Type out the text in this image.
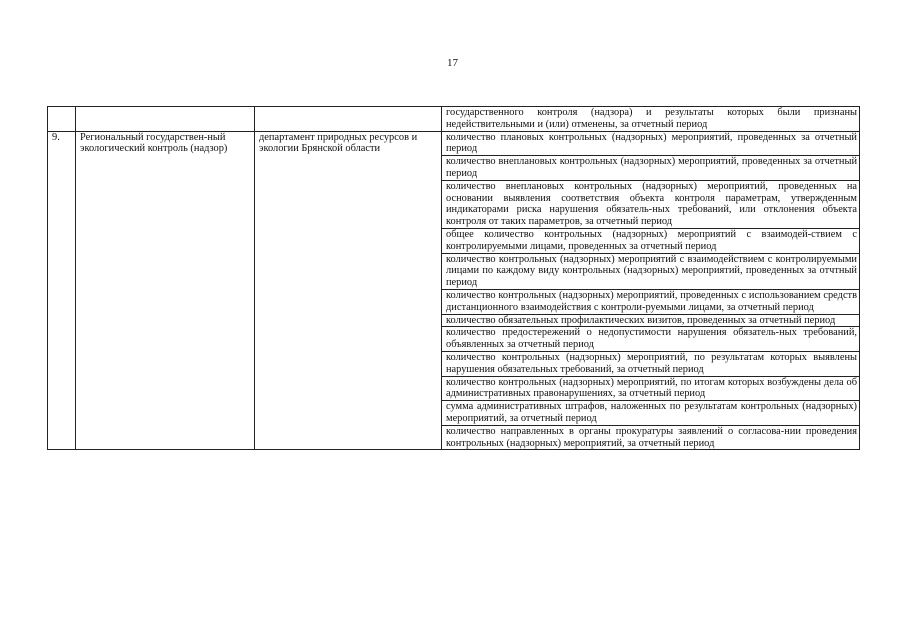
17

			государственного контроля (надзора) и результаты которых были признаны недействительными и (или) отменены, за отчетный период

9.	Региональный государствен-ный экологический контроль (надзор)	департамент природных ресурсов и экологии Брянской области	количество плановых контрольных (надзорных) мероприятий, проведенных за отчетный период

			количество внеплановых контрольных (надзорных) мероприятий, проведенных за отчетный период

			количество внеплановых контрольных (надзорных) мероприятий, проведенных на основании выявления соответствия объекта контроля параметрам, утвержденным индикаторами риска нарушения обязатель-ных требований, или отклонения объекта контроля от таких параметров, за отчетный период

			общее количество контрольных (надзорных) мероприятий с взаимодей-ствием с контролируемыми лицами, проведенных за отчетный период

			количество контрольных (надзорных) мероприятий с взаимодействием с контролируемыми лицами по каждому виду контрольных (надзорных) мероприятий, проведенных за отчтный период

			количество контрольных (надзорных) мероприятий, проведенных с использованием средств дистанционного взаимодействия с контроли-руемыми лицами, за отчетный период

			количество обязательных профилактических визитов, проведенных за отчетный период

			количество предостережений о недопустимости нарушения обязатель-ных требований, объявленных за отчетный период

			количество контрольных (надзорных) мероприятий, по результатам которых выявлены нарушения обязательных требований, за отчетный период

			количество контрольных (надзорных) мероприятий, по итогам которых возбуждены дела об административных правонарушениях, за отчетный период

			сумма административных штрафов, наложенных по результатам контрольных (надзорных) мероприятий, за отчетный период

			количество направленных в органы прокуратуры заявлений о согласова-нии проведения контрольных (надзорных) мероприятий, за отчетный период
